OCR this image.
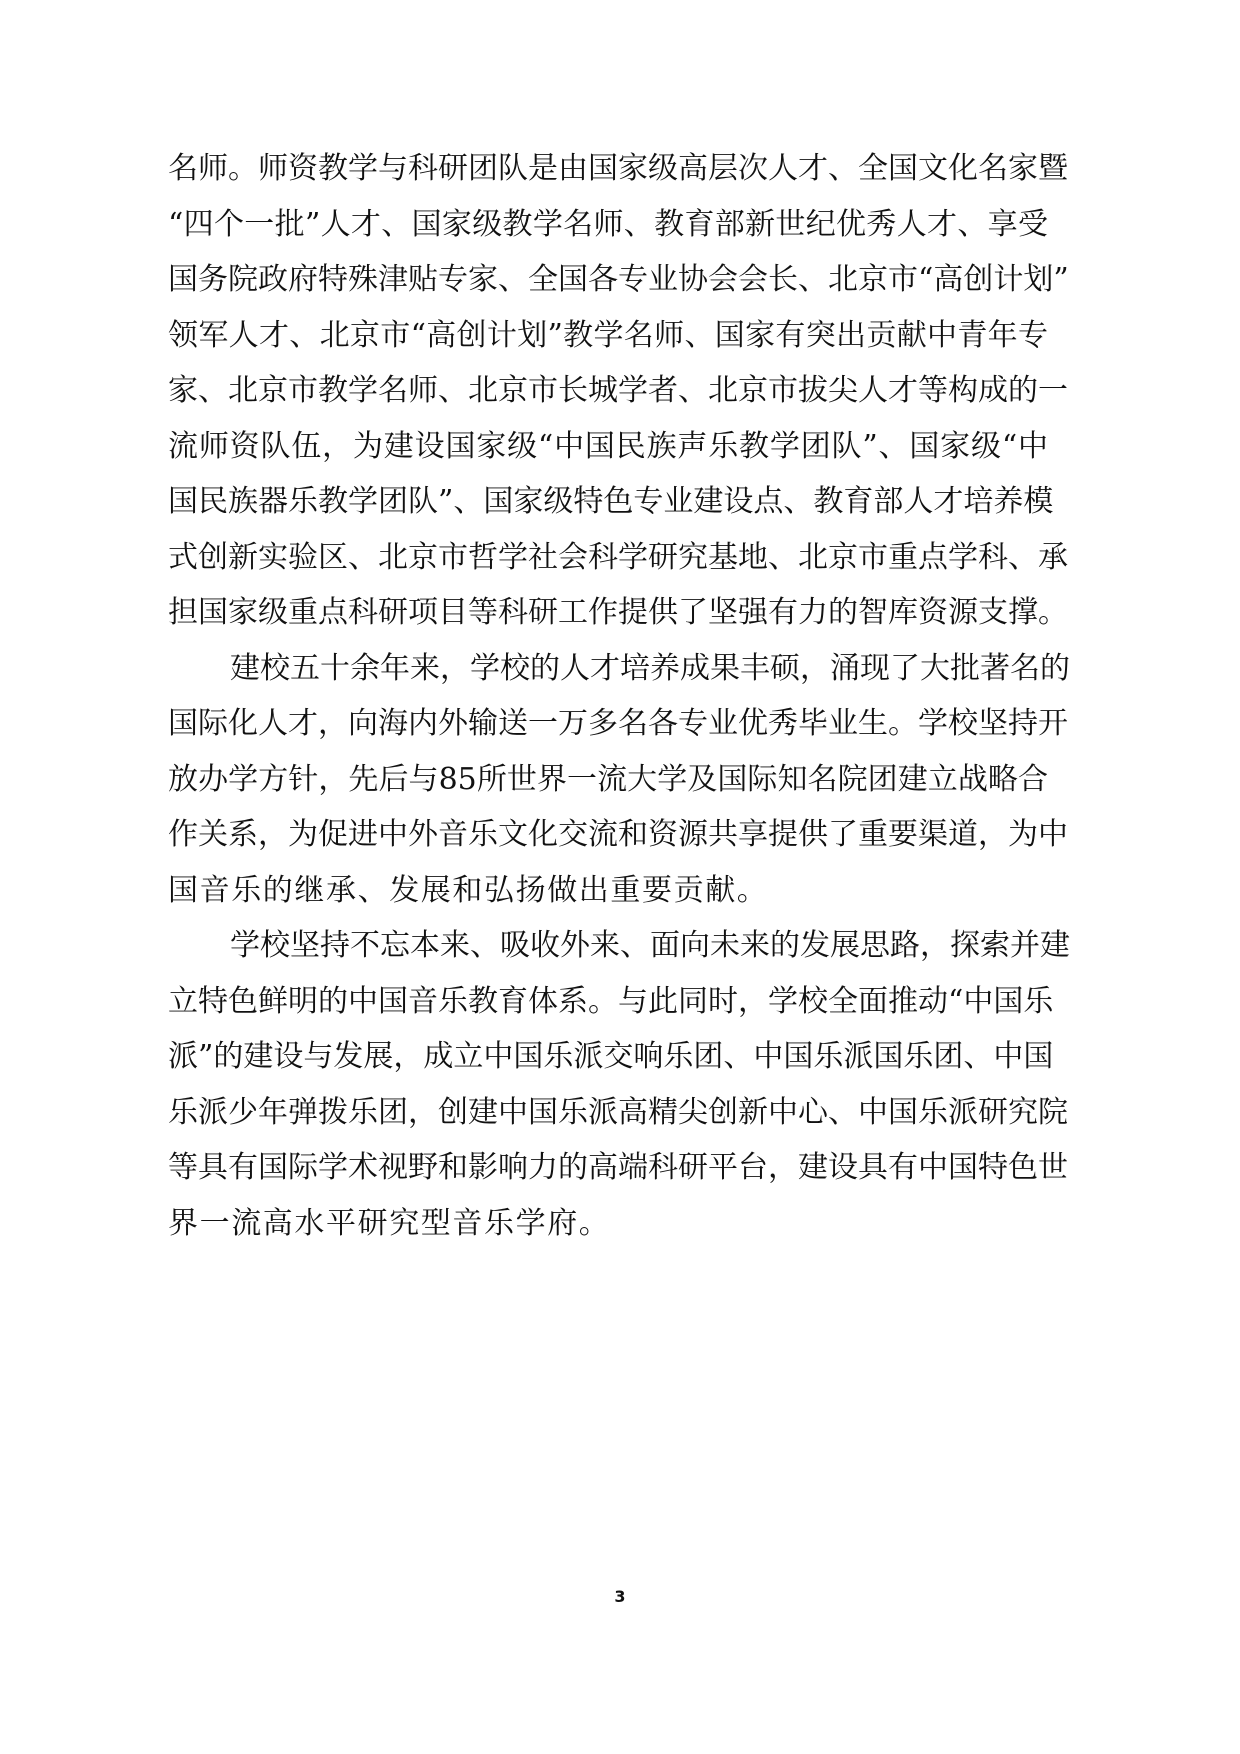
名师。师资教学与科研团队是由国家级高层次人才、全国文化名家暨
“四个一批”人才、国家级教学名师、教育部新世纪优秀人才、享受
国务院政府特殊津贴专家、全国各专业协会会长、北京市“高创计划”
领军人才、北京市“高创计划”教学名师、国家有突出贡献中青年专
家、北京市教学名师、北京市长城学者、北京市拔尖人才等构成的一
流师资队伍，为建设国家级“中国民族声乐教学团队”、国家级“中
国民族器乐教学团队”、国家级特色专业建设点、教育部人才培养模
式创新实验区、北京市哲学社会科学研究基地、北京市重点学科、承
担国家级重点科研项目等科研工作提供了坚强有力的智库资源支撑。
建校五十余年来，学校的人才培养成果丰硕，涌现了大批著名的
国际化人才，向海内外输送一万多名各专业优秀毕业生。学校坚持开
放办学方针，先后与85所世界一流大学及国际知名院团建立战略合
作关系，为促进中外音乐文化交流和资源共享提供了重要渠道，为中
国音乐的继承、发展和弘扬做出重要贡献。
学校坚持不忘本来、吸收外来、面向未来的发展思路，探索并建
立特色鲜明的中国音乐教育体系。与此同时，学校全面推动“中国乐
派”的建设与发展，成立中国乐派交响乐团、中国乐派国乐团、中国
乐派少年弹拨乐团，创建中国乐派高精尖创新中心、中国乐派研究院
等具有国际学术视野和影响力的高端科研平台，建设具有中国特色世
界一流高水平研究型音乐学府。
3
